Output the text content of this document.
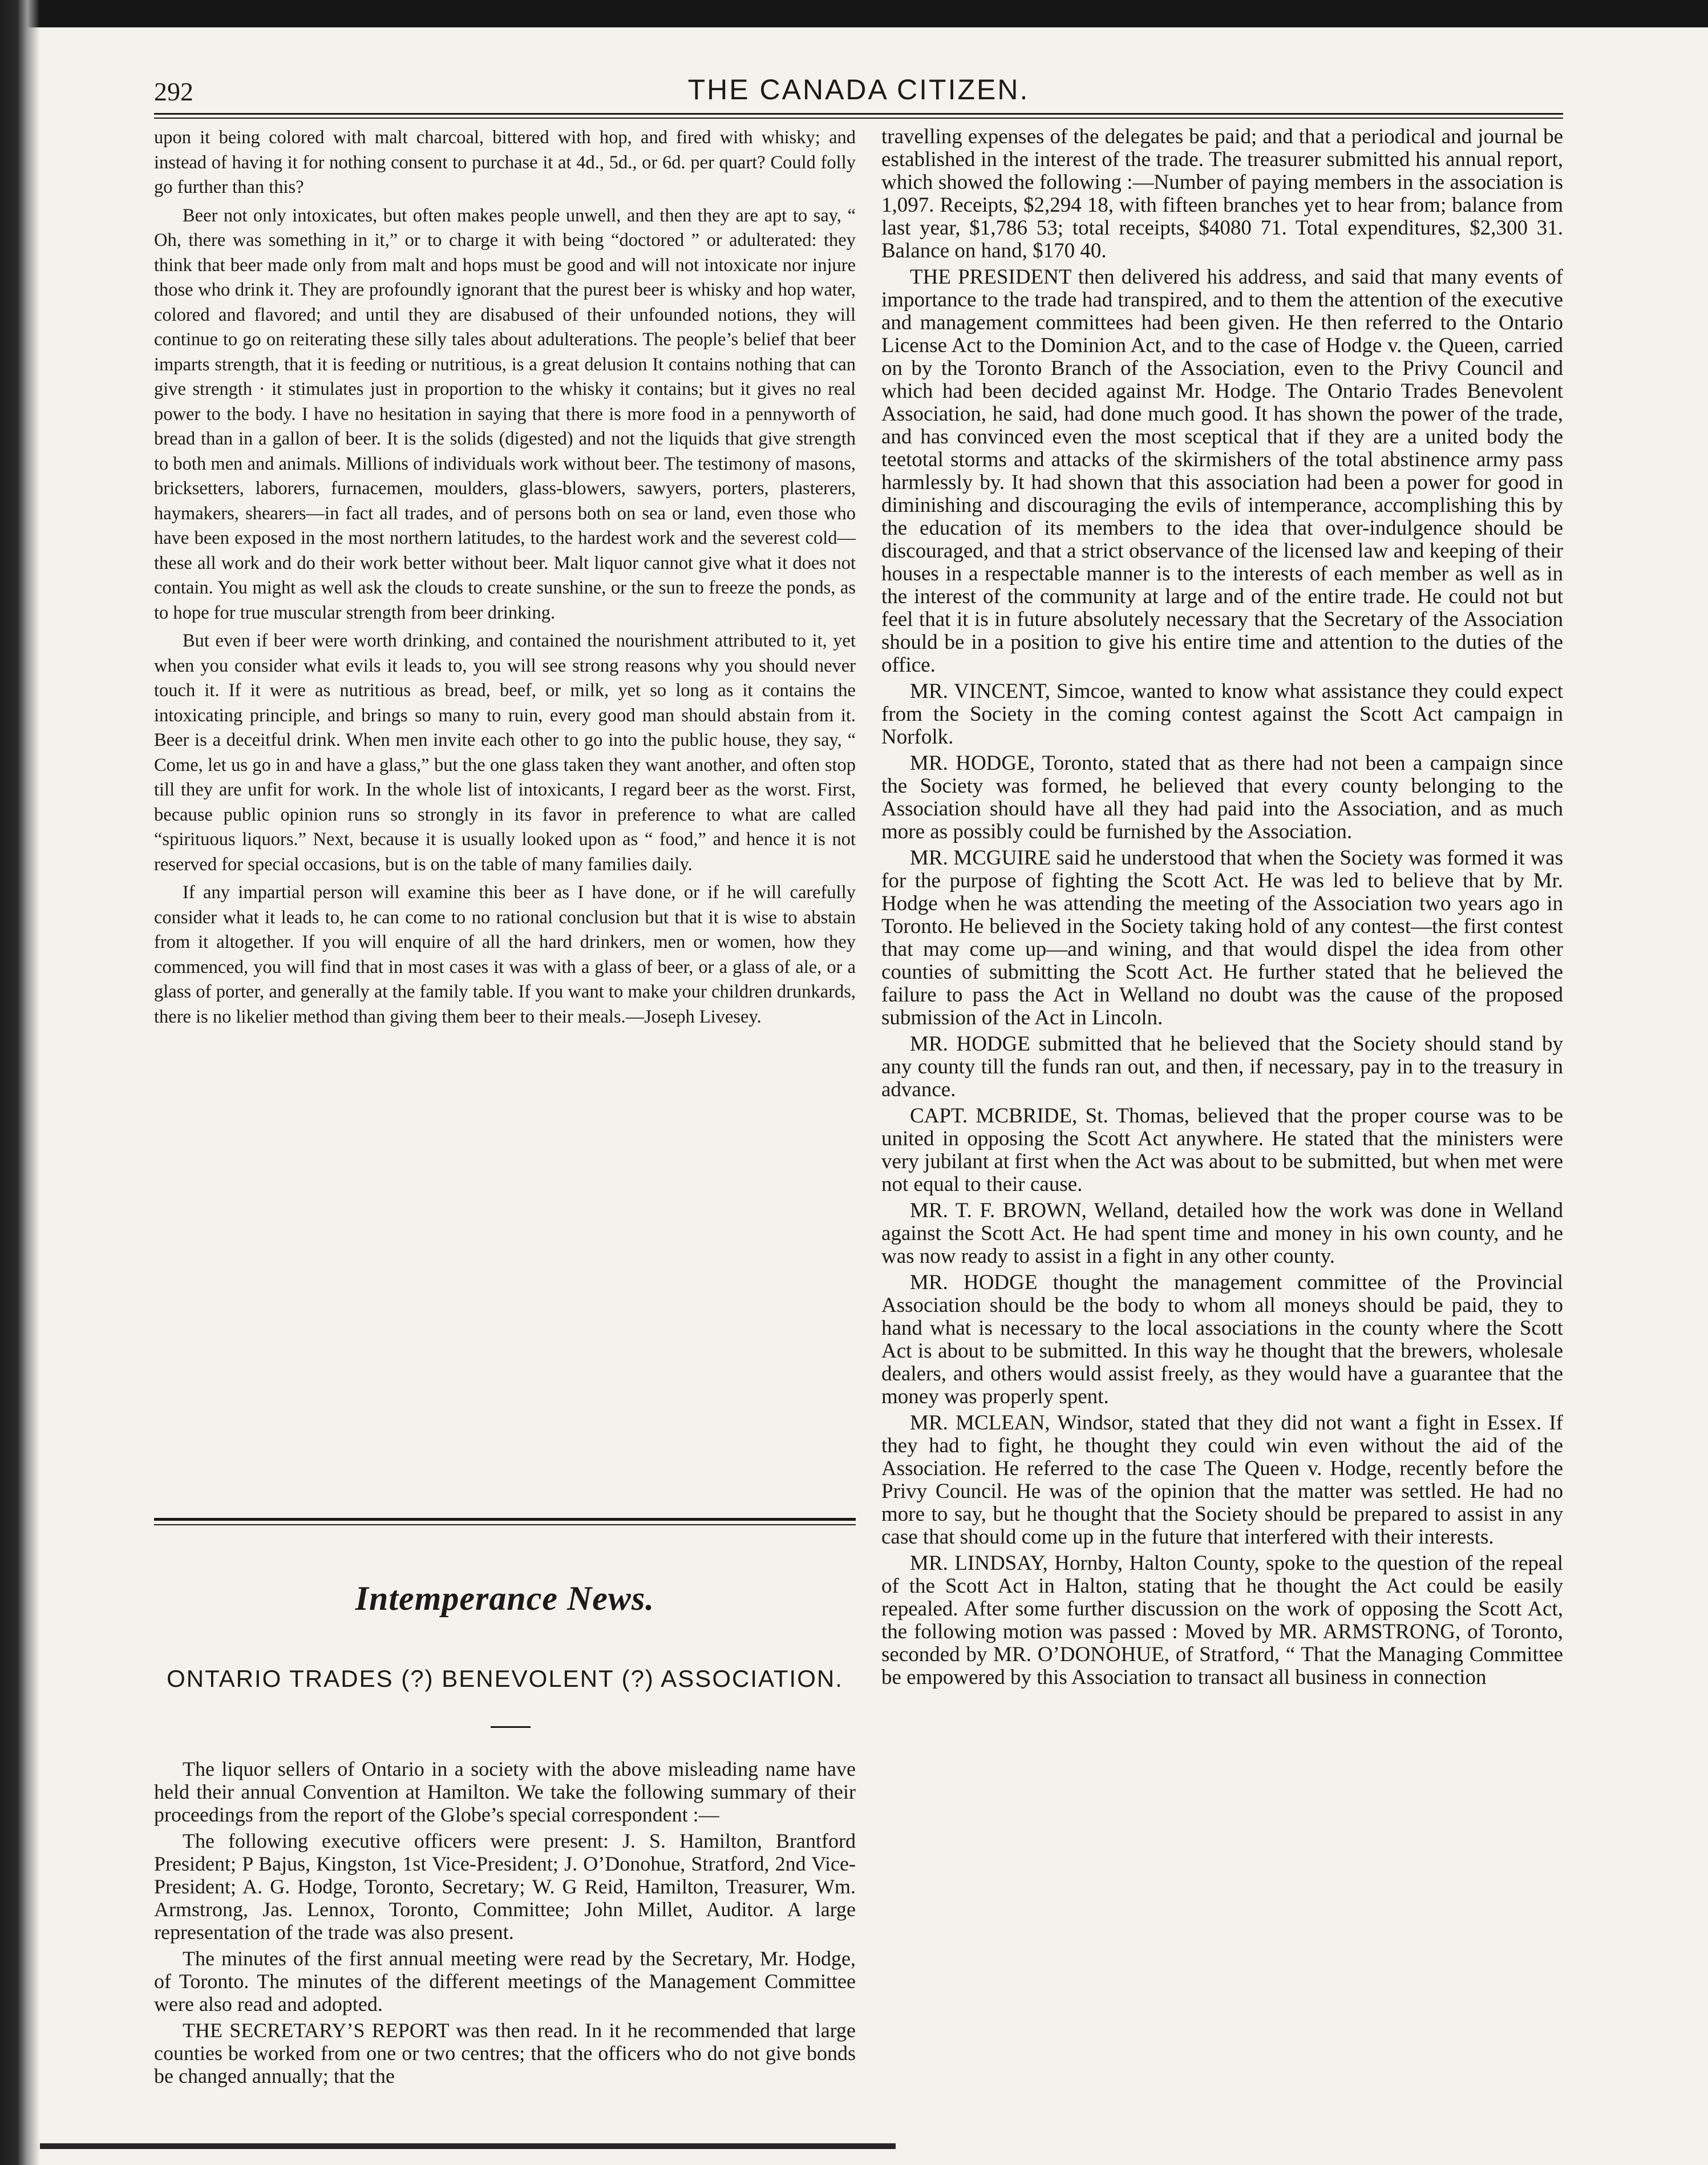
292	THE CANADA CITIZEN.

upon it being colored with malt charcoal, bittered with hop, and fired with whisky; and instead of having it for nothing consent to purchase it at 4d., 5d., or 6d. per quart? Could folly go further than this?

Beer not only intoxicates, but often makes people unwell, and then they are apt to say, “ Oh, there was something in it,” or to charge it with being “doctored ” or adulterated: they think that beer made only from malt and hops must be good and will not intoxicate nor injure those who drink it. They are profoundly ignorant that the purest beer is whisky and hop water, colored and flavored; and until they are disabused of their unfounded notions, they will continue to go on reiterating these silly tales about adulterations. The people’s belief that beer imparts strength, that it is feeding or nutritious, is a great delusion It contains nothing that can give strength · it stimulates just in proportion to the whisky it contains; but it gives no real power to the body. I have no hesitation in saying that there is more food in a pennyworth of bread than in a gallon of beer. It is the solids (digested) and not the liquids that give strength to both men and animals. Millions of individuals work without beer. The testimony of masons, bricksetters, laborers, furnacemen, moulders, glass-blowers, sawyers, porters, plasterers, haymakers, shearers—in fact all trades, and of persons both on sea or land, even those who have been exposed in the most northern latitudes, to the hardest work and the severest cold—these all work and do their work better without beer. Malt liquor cannot give what it does not contain. You might as well ask the clouds to create sunshine, or the sun to freeze the ponds, as to hope for true muscular strength from beer drinking.

But even if beer were worth drinking, and contained the nourishment attributed to it, yet when you consider what evils it leads to, you will see strong reasons why you should never touch it. If it were as nutritious as bread, beef, or milk, yet so long as it contains the intoxicating principle, and brings so many to ruin, every good man should abstain from it. Beer is a deceitful drink. When men invite each other to go into the public house, they say, “ Come, let us go in and have a glass,” but the one glass taken they want another, and often stop till they are unfit for work. In the whole list of intoxicants, I regard beer as the worst. First, because public opinion runs so strongly in its favor in preference to what are called “spirituous liquors.” Next, because it is usually looked upon as “ food,” and hence it is not reserved for special occasions, but is on the table of many families daily.

If any impartial person will examine this beer as I have done, or if he will carefully consider what it leads to, he can come to no rational conclusion but that it is wise to abstain from it altogether. If you will enquire of all the hard drinkers, men or women, how they commenced, you will find that in most cases it was with a glass of beer, or a glass of ale, or a glass of porter, and generally at the family table. If you want to make your children drunkards, there is no likelier method than giving them beer to their meals.—Joseph Livesey.

Intemperance News.
ONTARIO TRADES (?) BENEVOLENT (?) ASSOCIATION.

The liquor sellers of Ontario in a society with the above misleading name have held their annual Convention at Hamilton. We take the following summary of their proceedings from the report of the Globe’s special correspondent :—

The following executive officers were present: J. S. Hamilton, Brantford President; P Bajus, Kingston, 1st Vice-President; J. O’Donohue, Stratford, 2nd Vice-President; A. G. Hodge, Toronto, Secretary; W. G Reid, Hamilton, Treasurer, Wm. Armstrong, Jas. Lennox, Toronto, Committee; John Millet, Auditor. A large representation of the trade was also present.

The minutes of the first annual meeting were read by the Secretary, Mr. Hodge, of Toronto. The minutes of the different meetings of the Management Committee were also read and adopted.

THE SECRETARY’S REPORT was then read. In it he recommended that large counties be worked from one or two centres; that the officers who do not give bonds be changed annually; that the

travelling expenses of the delegates be paid; and that a periodical and journal be established in the interest of the trade. The treasurer submitted his annual report, which showed the following :—Number of paying members in the association is 1,097. Receipts, $2,294 18, with fifteen branches yet to hear from; balance from last year, $1,786 53; total receipts, $4080 71. Total expenditures, $2,300 31. Balance on hand, $170 40.

THE PRESIDENT then delivered his address, and said that many events of importance to the trade had transpired, and to them the attention of the executive and management committees had been given. He then referred to the Ontario License Act to the Dominion Act, and to the case of Hodge v. the Queen, carried on by the Toronto Branch of the Association, even to the Privy Council and which had been decided against Mr. Hodge. The Ontario Trades Benevolent Association, he said, had done much good. It has shown the power of the trade, and has convinced even the most sceptical that if they are a united body the teetotal storms and attacks of the skirmishers of the total abstinence army pass harmlessly by. It had shown that this association had been a power for good in diminishing and discouraging the evils of intemperance, accomplishing this by the education of its members to the idea that over-indulgence should be discouraged, and that a strict observance of the licensed law and keeping of their houses in a respectable manner is to the interests of each member as well as in the interest of the community at large and of the entire trade. He could not but feel that it is in future absolutely necessary that the Secretary of the Association should be in a position to give his entire time and attention to the duties of the office.

MR. VINCENT, Simcoe, wanted to know what assistance they could expect from the Society in the coming contest against the Scott Act campaign in Norfolk.

MR. HODGE, Toronto, stated that as there had not been a campaign since the Society was formed, he believed that every county belonging to the Association should have all they had paid into the Association, and as much more as possibly could be furnished by the Association.

MR. MCGUIRE said he understood that when the Society was formed it was for the purpose of fighting the Scott Act. He was led to believe that by Mr. Hodge when he was attending the meeting of the Association two years ago in Toronto. He believed in the Society taking hold of any contest—the first contest that may come up—and wining, and that would dispel the idea from other counties of submitting the Scott Act. He further stated that he believed the failure to pass the Act in Welland no doubt was the cause of the proposed submission of the Act in Lincoln.

MR. HODGE submitted that he believed that the Society should stand by any county till the funds ran out, and then, if necessary, pay in to the treasury in advance.

CAPT. MCBRIDE, St. Thomas, believed that the proper course was to be united in opposing the Scott Act anywhere. He stated that the ministers were very jubilant at first when the Act was about to be submitted, but when met were not equal to their cause.

MR. T. F. BROWN, Welland, detailed how the work was done in Welland against the Scott Act. He had spent time and money in his own county, and he was now ready to assist in a fight in any other county.

MR. HODGE thought the management committee of the Provincial Association should be the body to whom all moneys should be paid, they to hand what is necessary to the local associations in the county where the Scott Act is about to be submitted. In this way he thought that the brewers, wholesale dealers, and others would assist freely, as they would have a guarantee that the money was properly spent.

MR. MCLEAN, Windsor, stated that they did not want a fight in Essex. If they had to fight, he thought they could win even without the aid of the Association. He referred to the case The Queen v. Hodge, recently before the Privy Council. He was of the opinion that the matter was settled. He had no more to say, but he thought that the Society should be prepared to assist in any case that should come up in the future that interfered with their interests.

MR. LINDSAY, Hornby, Halton County, spoke to the question of the repeal of the Scott Act in Halton, stating that he thought the Act could be easily repealed. After some further discussion on the work of opposing the Scott Act, the following motion was passed : Moved by MR. ARMSTRONG, of Toronto, seconded by MR. O’DONOHUE, of Stratford, “ That the Managing Committee be empowered by this Association to transact all business in connection
